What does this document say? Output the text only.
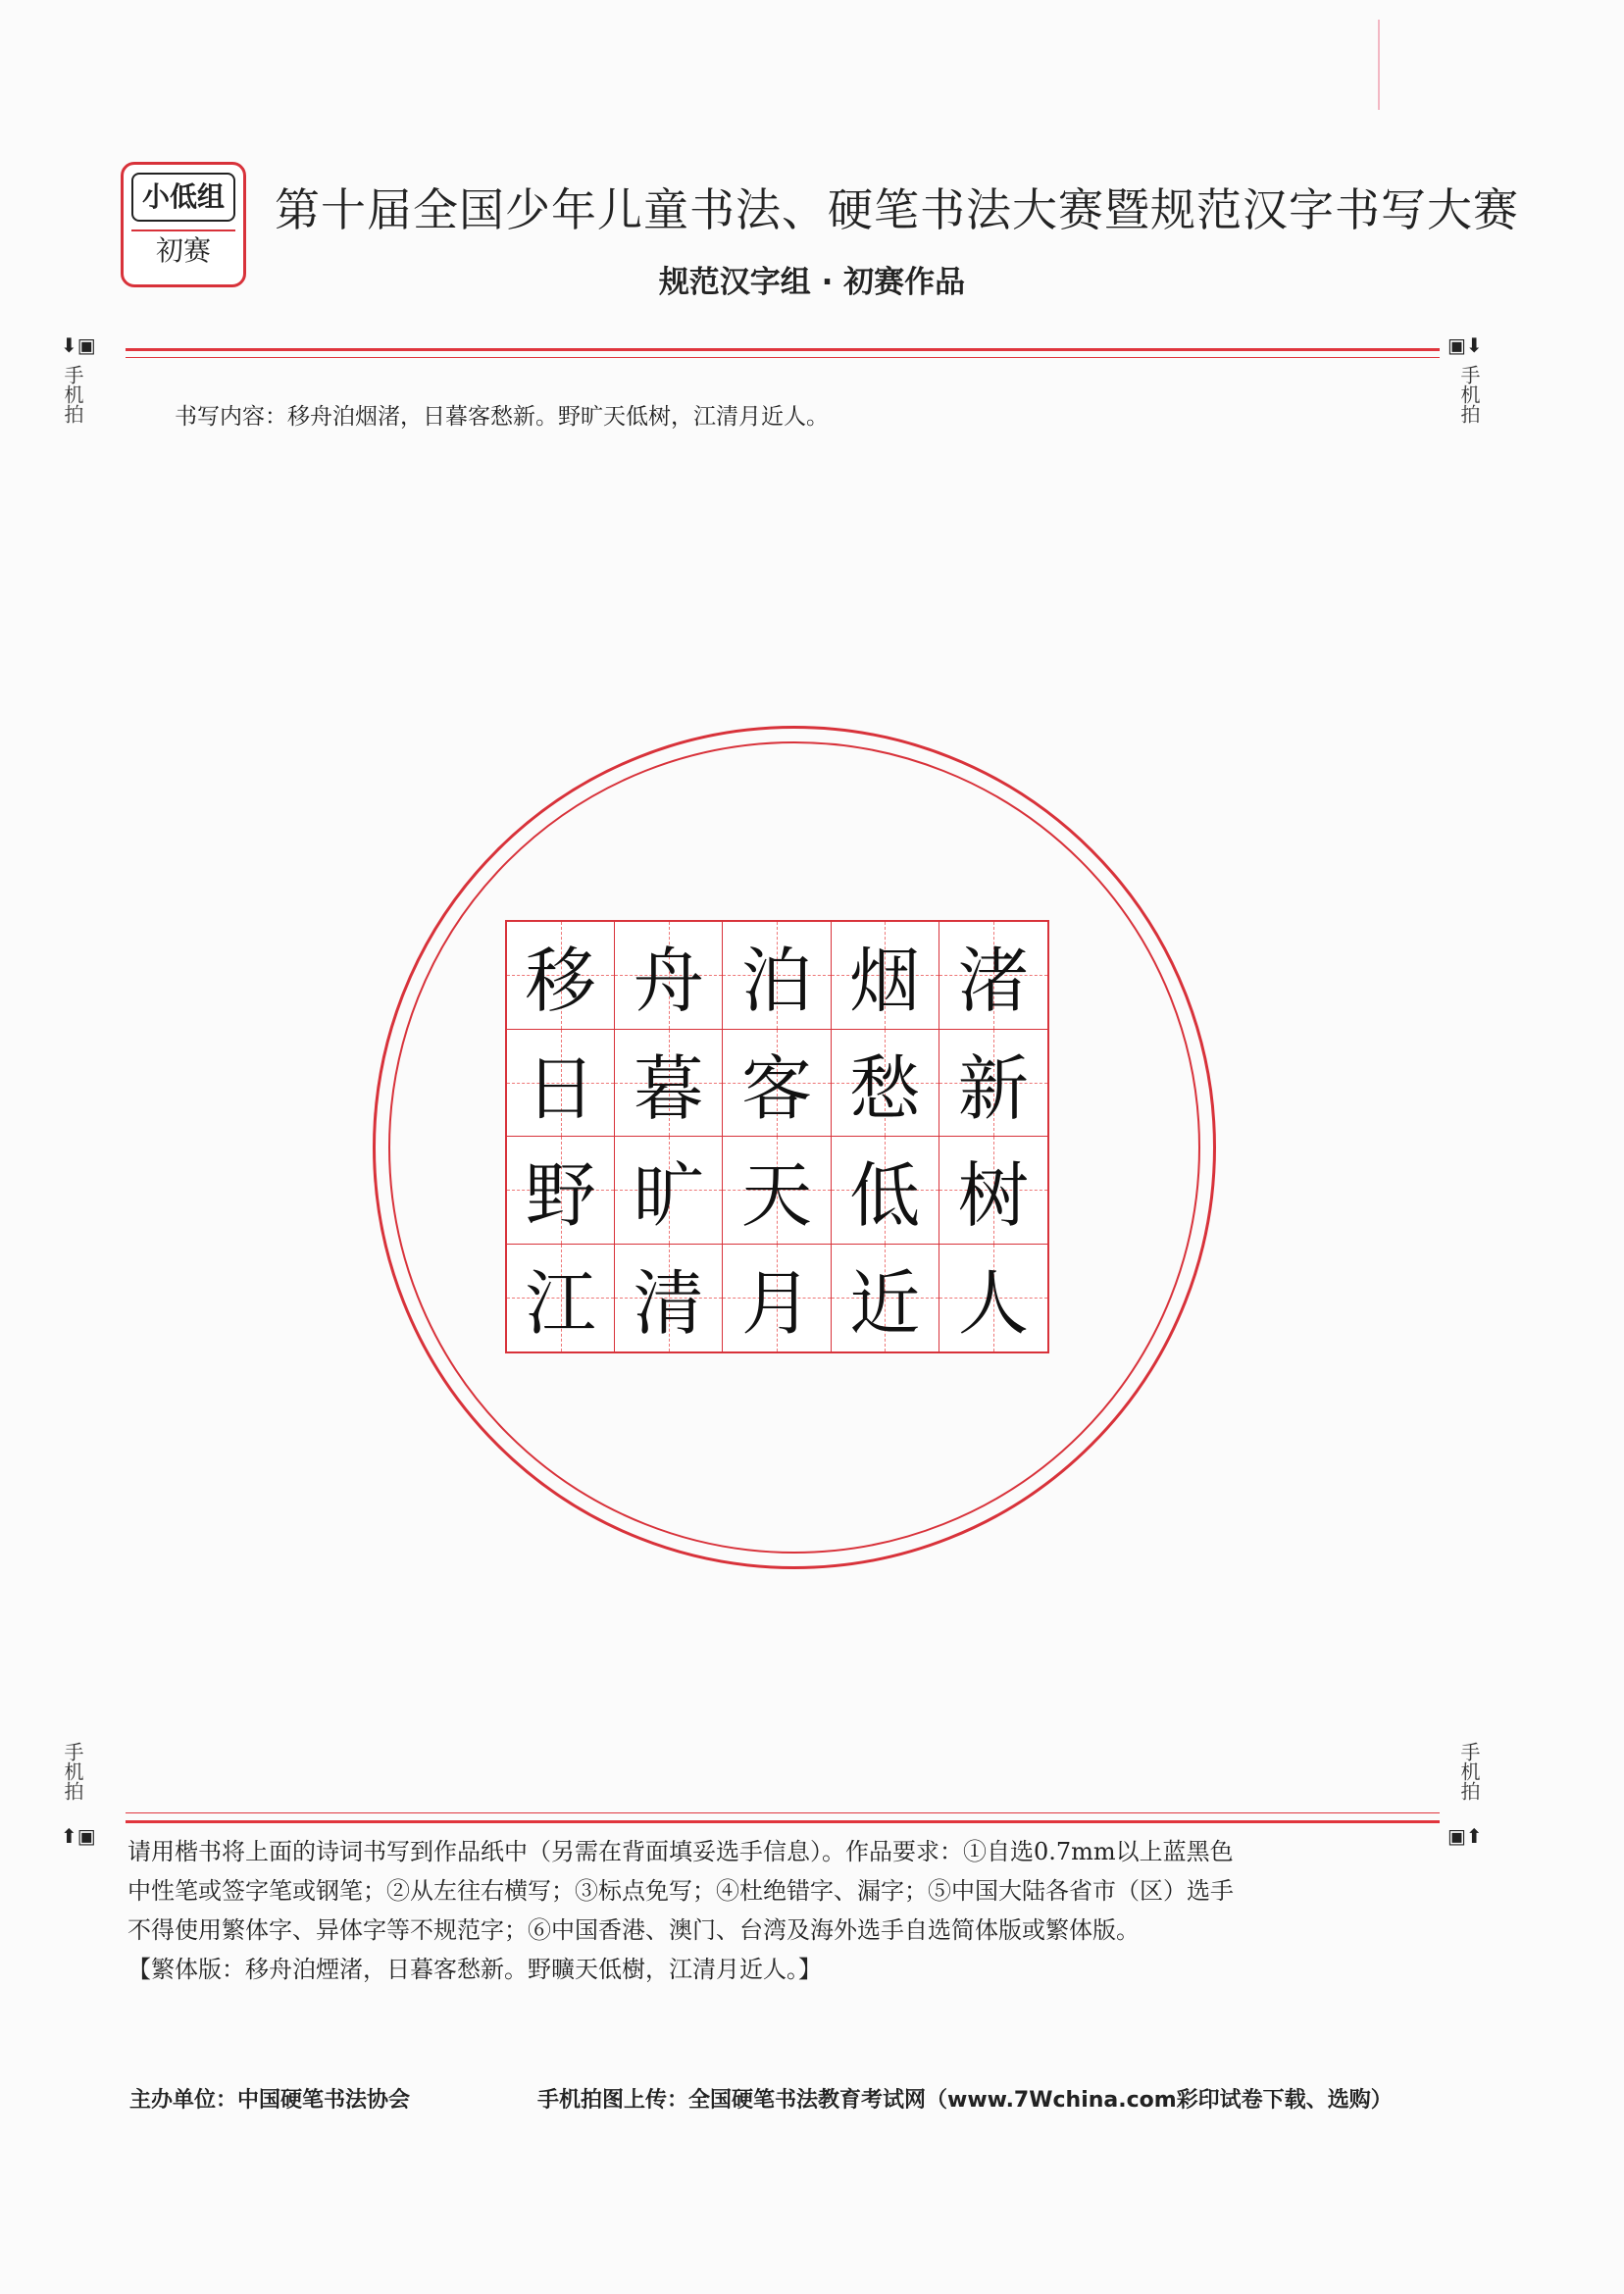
小低组
初赛
第十届全国少年儿童书法、硬笔书法大赛暨规范汉字书写大赛
规范汉字组 · 初赛作品
⬇▣
手机拍
▣⬇
手机拍
书写内容：移舟泊烟渚，日暮客愁新。野旷天低树，江清月近人。
移 舟 泊 烟 渚
日 暮 客 愁 新
野 旷 天 低 树
江 清 月 近 人
手机拍
⬆▣
手机拍
▣⬆

请用楷书将上面的诗词书写到作品纸中（另需在背面填妥选手信息）。作品要求：①自选0.7mm以上蓝黑色

中性笔或签字笔或钢笔；②从左往右横写；③标点免写；④杜绝错字、漏字；⑤中国大陆各省市（区）选手

不得使用繁体字、异体字等不规范字；⑥中国香港、澳门、台湾及海外选手自选简体版或繁体版。

【繁体版：移舟泊煙渚，日暮客愁新。野曠天低樹，江清月近人。】

主办单位：中国硬笔书法协会	手机拍图上传：全国硬笔书法教育考试网（www.7Wchina.com彩印试卷下载、选购）
